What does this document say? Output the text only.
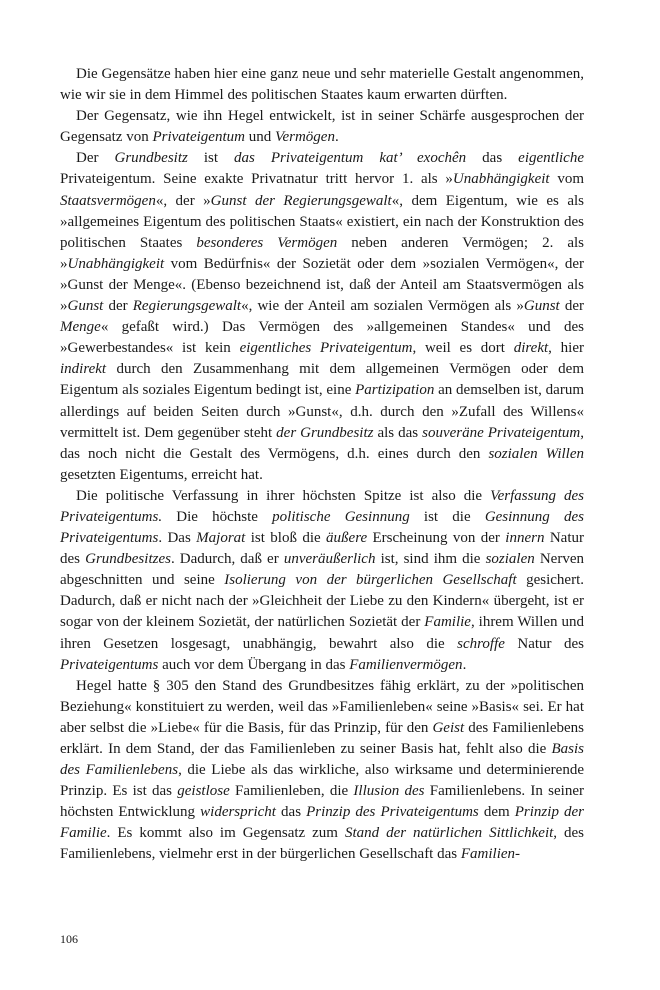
Die Gegensätze haben hier eine ganz neue und sehr materielle Gestalt angenommen, wie wir sie in dem Himmel des politischen Staates kaum erwarten dürften.

Der Gegensatz, wie ihn Hegel entwickelt, ist in seiner Schärfe ausgesprochen der Gegensatz von Privateigentum und Vermögen.

Der Grundbesitz ist das Privateigentum kat’ exochên das eigentliche Privateigentum. Seine exakte Privatnatur tritt hervor 1. als »Unabhängigkeit vom Staatsvermögen«, der »Gunst der Regierungsgewalt«, dem Eigentum, wie es als »allgemeines Eigentum des politischen Staats« existiert, ein nach der Konstruktion des politischen Staates besonderes Vermögen neben anderen Vermögen; 2. als »Unabhängigkeit vom Bedürfnis« der Sozietät oder dem »sozialen Vermögen«, der »Gunst der Menge«. (Ebenso bezeichnend ist, daß der Anteil am Staatsvermögen als »Gunst der Regierungsgewalt«, wie der Anteil am sozialen Vermögen als »Gunst der Menge« gefaßt wird.) Das Vermögen des »allgemeinen Standes« und des »Gewerbestandes« ist kein eigentliches Privateigentum, weil es dort direkt, hier indirekt durch den Zusammenhang mit dem allgemeinen Vermögen oder dem Eigentum als soziales Eigentum bedingt ist, eine Partizipation an demselben ist, darum allerdings auf beiden Seiten durch »Gunst«, d.h. durch den »Zufall des Willens« vermittelt ist. Dem gegenüber steht der Grundbesitz als das souveräne Privateigentum, das noch nicht die Gestalt des Vermögens, d.h. eines durch den sozialen Willen gesetzten Eigentums, erreicht hat.

Die politische Verfassung in ihrer höchsten Spitze ist also die Verfassung des Privateigentums. Die höchste politische Gesinnung ist die Gesinnung des Privateigentums. Das Majorat ist bloß die äußere Erscheinung von der innern Natur des Grundbesitzes. Dadurch, daß er unveräußerlich ist, sind ihm die sozialen Nerven abgeschnitten und seine Isolierung von der bürgerlichen Gesellschaft gesichert. Dadurch, daß er nicht nach der »Gleichheit der Liebe zu den Kindern« übergeht, ist er sogar von der kleinem Sozietät, der natürlichen Sozietät der Familie, ihrem Willen und ihren Gesetzen losgesagt, unabhängig, bewahrt also die schroffe Natur des Privateigentums auch vor dem Übergang in das Familienvermögen.

Hegel hatte § 305 den Stand des Grundbesitzes fähig erklärt, zu der »politischen Beziehung« konstituiert zu werden, weil das »Familienleben« seine »Basis« sei. Er hat aber selbst die »Liebe« für die Basis, für das Prinzip, für den Geist des Familienlebens erklärt. In dem Stand, der das Familienleben zu seiner Basis hat, fehlt also die Basis des Familienlebens, die Liebe als das wirkliche, also wirksame und determinierende Prinzip. Es ist das geistlose Familienleben, die Illusion des Familienlebens. In seiner höchsten Entwicklung widerspricht das Prinzip des Privateigentums dem Prinzip der Familie. Es kommt also im Gegensatz zum Stand der natürlichen Sittlichkeit, des Familienlebens, vielmehr erst in der bürgerlichen Gesellschaft das Familien-

106
